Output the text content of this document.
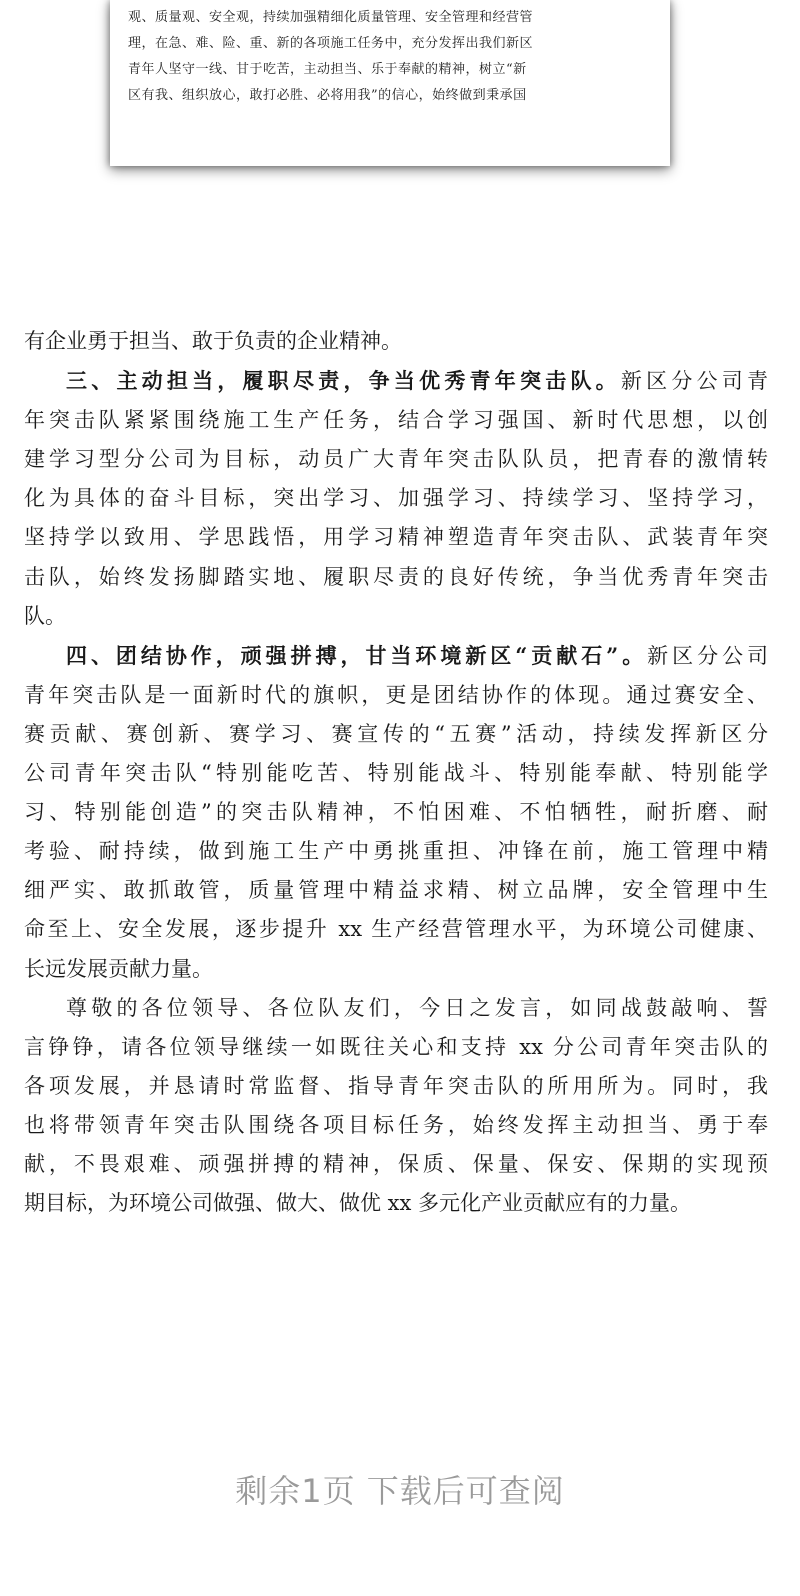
观、质量观、安全观，持续加强精细化质量管理、安全管理和经营管
理，在急、难、险、重、新的各项施工任务中，充分发挥出我们新区
青年人坚守一线、甘于吃苦，主动担当、乐于奉献的精神，树立“新
区有我、组织放心，敢打必胜、必将用我”的信心，始终做到秉承国
有企业勇于担当、敢于负责的企业精神。
三、主动担当，履职尽责，争当优秀青年突击队。新区分公司青
年突击队紧紧围绕施工生产任务，结合学习强国、新时代思想，以创
建学习型分公司为目标，动员广大青年突击队队员，把青春的激情转
化为具体的奋斗目标，突出学习、加强学习、持续学习、坚持学习，
坚持学以致用、学思践悟，用学习精神塑造青年突击队、武装青年突
击队，始终发扬脚踏实地、履职尽责的良好传统，争当优秀青年突击
队。
四、团结协作，顽强拼搏，甘当环境新区“贡献石”。新区分公司
青年突击队是一面新时代的旗帜，更是团结协作的体现。通过赛安全、
赛贡献、赛创新、赛学习、赛宣传的“五赛”活动，持续发挥新区分
公司青年突击队“特别能吃苦、特别能战斗、特别能奉献、特别能学
习、特别能创造”的突击队精神，不怕困难、不怕牺牲，耐折磨、耐
考验、耐持续，做到施工生产中勇挑重担、冲锋在前，施工管理中精
细严实、敢抓敢管，质量管理中精益求精、树立品牌，安全管理中生
命至上、安全发展，逐步提升 xx 生产经营管理水平，为环境公司健康、
长远发展贡献力量。
尊敬的各位领导、各位队友们，今日之发言，如同战鼓敲响、誓
言铮铮，请各位领导继续一如既往关心和支持 xx 分公司青年突击队的
各项发展，并恳请时常监督、指导青年突击队的所用所为。同时，我
也将带领青年突击队围绕各项目标任务，始终发挥主动担当、勇于奉
献，不畏艰难、顽强拼搏的精神，保质、保量、保安、保期的实现预
期目标，为环境公司做强、做大、做优 xx 多元化产业贡献应有的力量。
剩余1页 下载后可查阅
